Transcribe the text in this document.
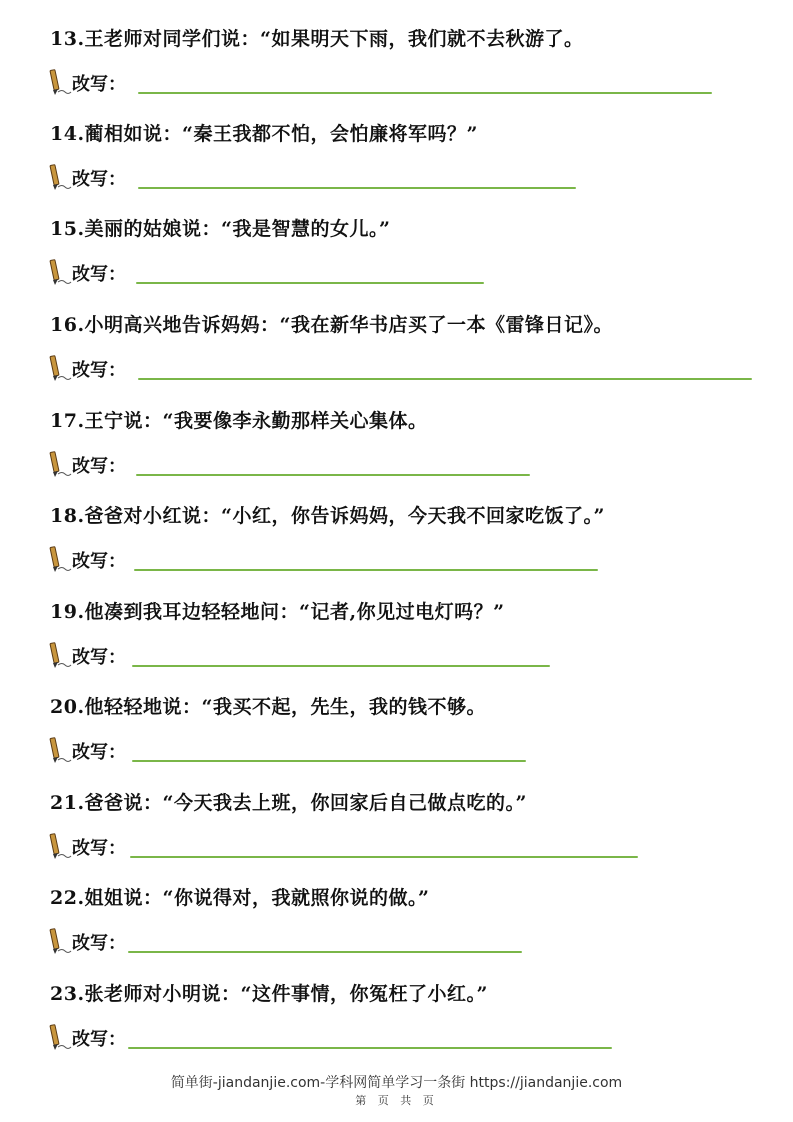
13.王老师对同学们说：“如果明天下雨，我们就不去秋游了。
改写：
14.蔺相如说：“秦王我都不怕，会怕廉将军吗？”
改写：
15.美丽的姑娘说：“我是智慧的女儿。”
改写：
16.小明高兴地告诉妈妈：“我在新华书店买了一本《雷锋日记》。
改写：
17.王宁说：“我要像李永勤那样关心集体。
改写：
18.爸爸对小红说：“小红，你告诉妈妈，今天我不回家吃饭了。”
改写：
19.他凑到我耳边轻轻地问：“记者,你见过电灯吗？”
改写：
20.他轻轻地说：“我买不起，先生，我的钱不够。
改写：
21.爸爸说：“今天我去上班，你回家后自己做点吃的。”
改写：
22.姐姐说：“你说得对，我就照你说的做。”
改写：
23.张老师对小明说：“这件事情，你冤枉了小红。”
改写：
简单街-jiandanjie.com-学科网简单学习一条街 https://jiandanjie.com
第 页 共 页
